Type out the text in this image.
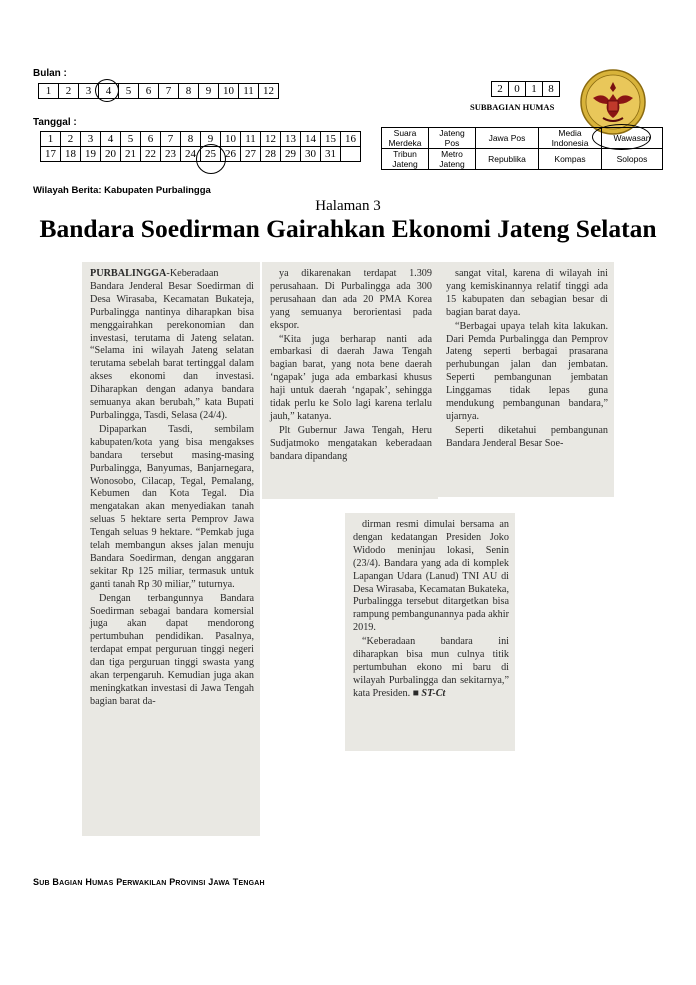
Bulan :
1	2	3	4	5	6	7	8	9	10	11	12
Tanggal :
1	2	3	4	5	6	7	8	9	10	11	12	13	14	15	16
17	18	19	20	21	22	23	24	25	26	27	28	29	30	31	
Wilayah Berita: Kabupaten Purbalingga
2	0	1	8
SUBBAGIAN HUMAS
Suara Merdeka	Jateng Pos	Jawa Pos	Media Indonesia	Wawasan
Tribun Jateng	Metro Jateng	Republika	Kompas	Solopos
Halaman 3
Bandara Soedirman Gairahkan Ekonomi Jateng Selatan

PURBALINGGA-Keberadaan Bandara Jenderal Besar Soedirman di Desa Wirasaba, Kecamatan Bukateja, Purbalingga nantinya diharapkan bisa menggairahkan perekonomian dan investasi, terutama di Jateng selatan. “Selama ini wilayah Jateng selatan terutama sebelah barat tertinggal dalam akses ekonomi dan investasi. Diharapkan dengan adanya bandara semuanya akan berubah,” kata Bupati Purbalingga, Tasdi, Selasa (24/4).

Dipaparkan Tasdi, sembilam kabupaten/kota yang bisa mengakses bandara tersebut masing-masing Purbalingga, Banyumas, Banjarnegara, Wonosobo, Cilacap, Tegal, Pemalang, Kebumen dan Kota Tegal. Dia mengatakan akan menyediakan tanah seluas 5 hektare serta Pemprov Jawa Tengah seluas 9 hektare. “Pemkab juga telah membangun akses jalan menuju Bandara Soedirman, dengan anggaran sekitar Rp 125 miliar, termasuk untuk ganti tanah Rp 30 miliar,” tuturnya.

Dengan terbangunnya Bandara Soedirman sebagai bandara komersial juga akan dapat mendorong pertumbuhan pendidikan. Pasalnya, terdapat empat perguruan tinggi negeri dan tiga perguruan tinggi swasta yang akan terpengaruh. Kemudian juga akan meningkatkan investasi di Jawa Tengah bagian barat da-

ya dikarenakan terdapat 1.309 perusahaan. Di Purbalingga ada 300 perusahaan dan ada 20 PMA Korea yang semuanya berorientasi pada ekspor.

“Kita juga berharap nanti ada embarkasi di daerah Jawa Tengah bagian barat, yang nota bene daerah ‘ngapak’ juga ada embarkasi khusus haji untuk daerah ‘ngapak’, sehingga tidak perlu ke Solo lagi karena terlalu jauh,” katanya.

Plt Gubernur Jawa Tengah, Heru Sudjatmoko mengatakan keberadaan bandara dipandang

sangat vital, karena di wilayah ini yang kemiskinannya relatif tinggi ada 15 kabupaten dan sebagian besar di bagian barat daya.

“Berbagai upaya telah kita lakukan. Dari Pemda Purbalingga dan Pemprov Jateng seperti berbagai prasarana perhubungan jalan dan jembatan. Seperti pembangunan jembatan Linggamas tidak lepas guna mendukung pembangunan bandara,” ujarnya.

Seperti diketahui pembangunan Bandara Jenderal Besar Soe-

dirman resmi dimulai bersama an dengan kedatangan Presiden Joko Widodo meninjau lokasi, Senin (23/4). Bandara yang ada di komplek Lapangan Udara (Lanud) TNI AU di Desa Wirasaba, Kecamatan Bukateka, Purbalingga tersebut ditargetkan bisa rampung pembangunannya pada akhir 2019.

“Keberadaan bandara ini diharapkan bisa mun culnya titik pertumbuhan ekono mi baru di wilayah Purbalingga dan sekitarnya,” kata Presiden. ■ ST-Ct

SUB BAGIAN HUMAS PERWAKILAN PROVINSI JAWA TENGAH
